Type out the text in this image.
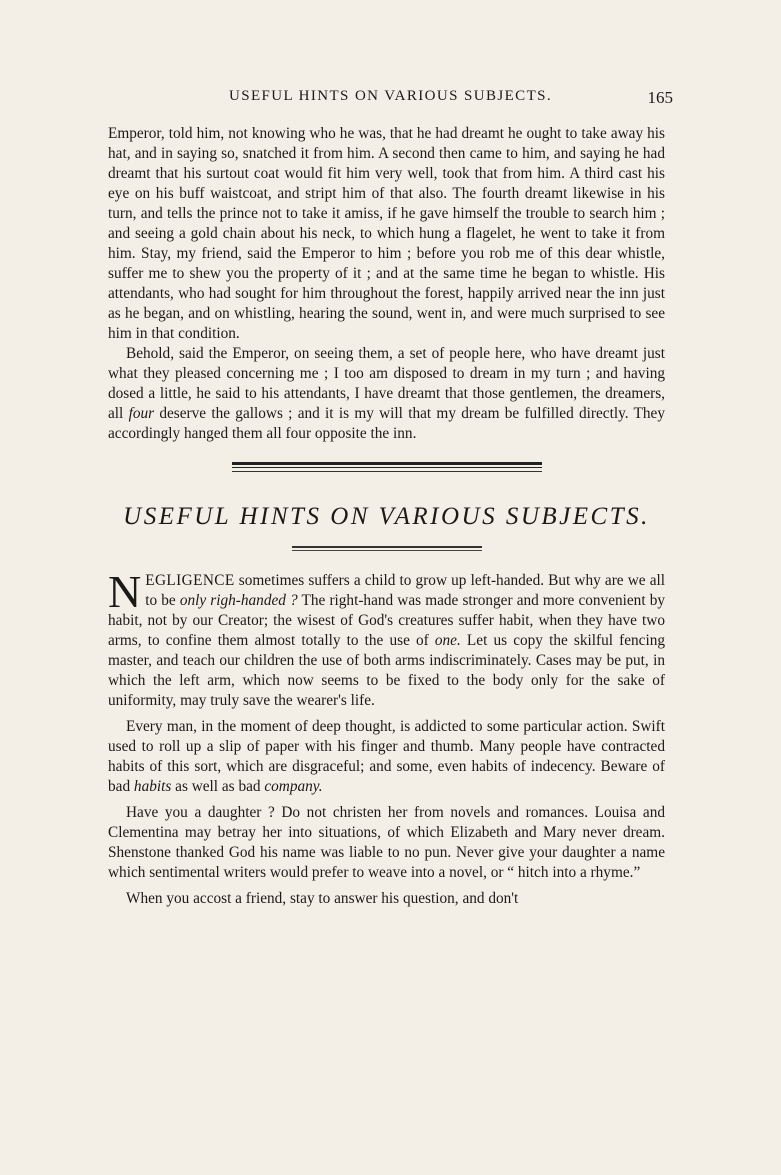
USEFUL HINTS ON VARIOUS SUBJECTS.	165

Emperor, told him, not knowing who he was, that he had dreamt he ought to take away his hat, and in saying so, snatched it from him. A second then came to him, and saying he had dreamt that his surtout coat would fit him very well, took that from him. A third cast his eye on his buff waistcoat, and stript him of that also. The fourth dreamt likewise in his turn, and tells the prince not to take it amiss, if he gave himself the trouble to search him ; and seeing a gold chain about his neck, to which hung a flagelet, he went to take it from him. Stay, my friend, said the Emperor to him ; before you rob me of this dear whistle, suffer me to shew you the property of it ; and at the same time he began to whistle. His attendants, who had sought for him throughout the forest, happily arrived near the inn just as he began, and on whistling, hearing the sound, went in, and were much surprised to see him in that condition.

Behold, said the Emperor, on seeing them, a set of people here, who have dreamt just what they pleased concerning me ; I too am disposed to dream in my turn ; and having dosed a little, he said to his attendants, I have dreamt that those gentlemen, the dreamers, all four deserve the gallows ; and it is my will that my dream be fulfilled directly. They accordingly hanged them all four opposite the inn.

USEFUL HINTS ON VARIOUS SUBJECTS.

NEGLIGENCE sometimes suffers a child to grow up left-handed. But why are we all to be only righ-handed ? The right-hand was made stronger and more convenient by habit, not by our Creator; the wisest of God's creatures suffer habit, when they have two arms, to confine them almost totally to the use of one. Let us copy the skilful fencing master, and teach our children the use of both arms indiscriminately. Cases may be put, in which the left arm, which now seems to be fixed to the body only for the sake of uniformity, may truly save the wearer's life.

Every man, in the moment of deep thought, is addicted to some particular action. Swift used to roll up a slip of paper with his finger and thumb. Many people have contracted habits of this sort, which are disgraceful; and some, even habits of indecency. Beware of bad habits as well as bad company.

Have you a daughter ? Do not christen her from novels and romances. Louisa and Clementina may betray her into situations, of which Elizabeth and Mary never dream. Shenstone thanked God his name was liable to no pun. Never give your daughter a name which sentimental writers would prefer to weave into a novel, or “ hitch into a rhyme.”

When you accost a friend, stay to answer his question, and don't
